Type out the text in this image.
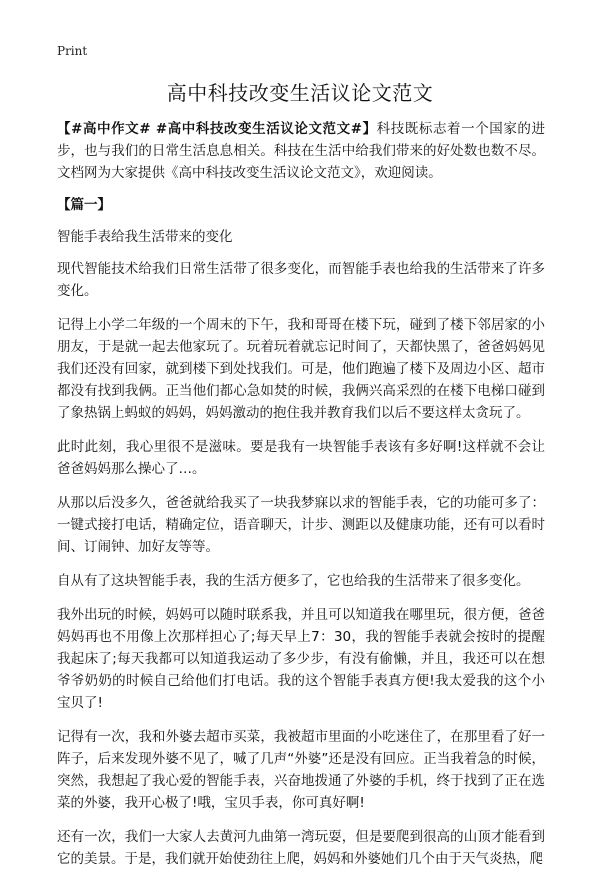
Print
高中科技改变生活议论文范文

【#高中作文# #高中科技改变生活议论文范文#】科技既标志着一个国家的进步，也与我们的日常生活息息相关。科技在生活中给我们带来的好处数也数不尽。文档网为大家提供《高中科技改变生活议论文范文》，欢迎阅读。

【篇一】

智能手表给我生活带来的变化

现代智能技术给我们日常生活带了很多变化，而智能手表也给我的生活带来了许多变化。

记得上小学二年级的一个周末的下午，我和哥哥在楼下玩，碰到了楼下邻居家的小朋友，于是就一起去他家玩了。玩着玩着就忘记时间了，天都快黑了，爸爸妈妈见我们还没有回家，就到楼下到处找我们。可是，他们跑遍了楼下及周边小区、超市都没有找到我俩。正当他们都心急如焚的时候，我俩兴高采烈的在楼下电梯口碰到了象热锅上蚂蚁的妈妈，妈妈激动的抱住我并教育我们以后不要这样太贪玩了。

此时此刻，我心里很不是滋味。要是我有一块智能手表该有多好啊!这样就不会让爸爸妈妈那么操心了…。

从那以后没多久，爸爸就给我买了一块我梦寐以求的智能手表，它的功能可多了：一键式接打电话，精确定位，语音聊天，计步、测距以及健康功能，还有可以看时间、订闹钟、加好友等等。

自从有了这块智能手表，我的生活方便多了，它也给我的生活带来了很多变化。

我外出玩的时候，妈妈可以随时联系我，并且可以知道我在哪里玩，很方便，爸爸妈妈再也不用像上次那样担心了;每天早上7：30，我的智能手表就会按时的提醒我起床了;每天我都可以知道我运动了多少步，有没有偷懒，并且，我还可以在想爷爷奶奶的时候自己给他们打电话。我的这个智能手表真方便!我太爱我的这个小宝贝了!

记得有一次，我和外婆去超市买菜，我被超市里面的小吃迷住了，在那里看了好一阵子，后来发现外婆不见了，喊了几声“外婆”还是没有回应。正当我着急的时候，突然，我想起了我心爱的智能手表，兴奋地拨通了外婆的手机，终于找到了正在选菜的外婆，我开心极了!哦，宝贝手表，你可真好啊!

还有一次，我们一大家人去黄河九曲第一湾玩耍，但是要爬到很高的山顶才能看到它的美景。于是，我们就开始使劲往上爬，妈妈和外婆她们几个由于天气炎热，爬
